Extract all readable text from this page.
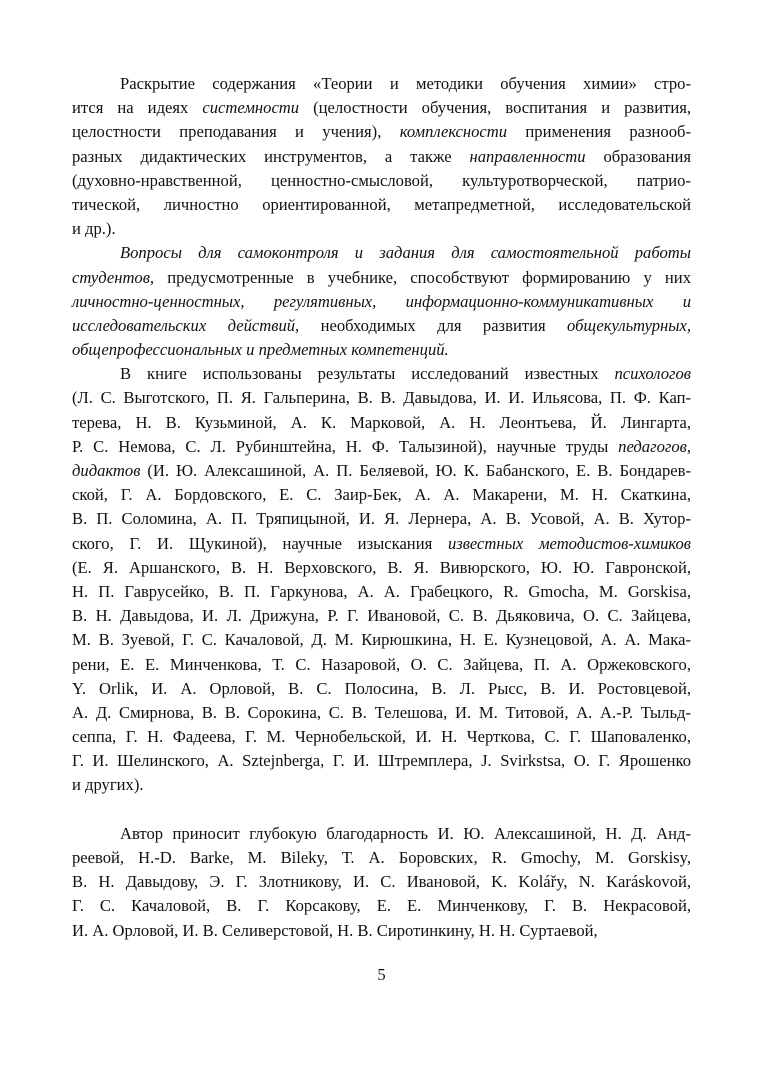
Раскрытие содержания «Теории и методики обучения химии» стро-
ится на идеях системности (целостности обучения, воспитания и развития,
целостности преподавания и учения), комплексности применения разнооб-
разных дидактических инструментов, а также направленности образования
(духовно-нравственной, ценностно-смысловой, культуротворческой, патрио-
тической, личностно ориентированной, метапредметной, исследовательской
и др.).
Вопросы для самоконтроля и задания для самостоятельной работы
студентов, предусмотренные в учебнике, способствуют формированию у них
личностно-ценностных, регулятивных, информационно-коммуникативных и
исследовательских действий, необходимых для развития общекультурных,
общепрофессиональных и предметных компетенций.
В книге использованы результаты исследований известных психологов
(Л. С. Выготского, П. Я. Гальперина, В. В. Давыдова, И. И. Ильясова, П. Ф. Кап-
терева, Н. В. Кузьминой, А. К. Марковой, А. Н. Леонтьева, Й. Лингарта,
Р. С. Немова, С. Л. Рубинштейна, Н. Ф. Талызиной), научные труды педагогов,
дидактов (И. Ю. Алексашиной, А. П. Беляевой, Ю. К. Бабанского, Е. В. Бондарев-
ской, Г. А. Бордовского, Е. С. Заир-Бек, А. А. Макарени, М. Н. Скаткина,
В. П. Соломина, А. П. Тряпицыной, И. Я. Лернера, А. В. Усовой, А. В. Хутор-
ского, Г. И. Щукиной), научные изыскания известных методистов-химиков
(Е. Я. Аршанского, В. Н. Верховского, В. Я. Вивюрского, Ю. Ю. Гавронской,
Н. П. Гаврусейко, В. П. Гаркунова, А. А. Грабецкого, R. Gmocha, M. Gorskisa,
В. Н. Давыдова, И. Л. Дрижуна, Р. Г. Ивановой, С. В. Дьяковича, О. С. Зайцева,
М. В. Зуевой, Г. С. Качаловой, Д. М. Кирюшкина, Н. Е. Кузнецовой, А. А. Мака-
рени, Е. Е. Минченкова, Т. С. Назаровой, О. С. Зайцева, П. А. Оржековского,
Y. Orlik, И. А. Орловой, В. С. Полосина, В. Л. Рысс, В. И. Ростовцевой,
А. Д. Смирнова, В. В. Сорокина, С. В. Телешова, И. М. Титовой, А. А.-Р. Тыльд-
сеппа, Г. Н. Фадеева, Г. М. Чернобельской, И. Н. Черткова, С. Г. Шаповаленко,
Г. И. Шелинского, A. Sztejnberga, Г. И. Штремплера, J. Svirkstsa, О. Г. Ярошенко
и других).
Автор приносит глубокую благодарность И. Ю. Алексашиной, Н. Д. Анд-
реевой, H.-D. Barke, M. Bileky, Т. А. Боровских, R. Gmochy, M. Gorskisy,
В. Н. Давыдову, Э. Г. Злотникову, И. С. Ивановой, K. Kolářy, N. Karáskovoй,
Г. С. Качаловой, В. Г. Корсакову, Е. Е. Минченкову, Г. В. Некрасовой,
И. А. Орловой, И. В. Селиверстовой, Н. В. Сиротинкину, Н. Н. Суртаевой,
5
